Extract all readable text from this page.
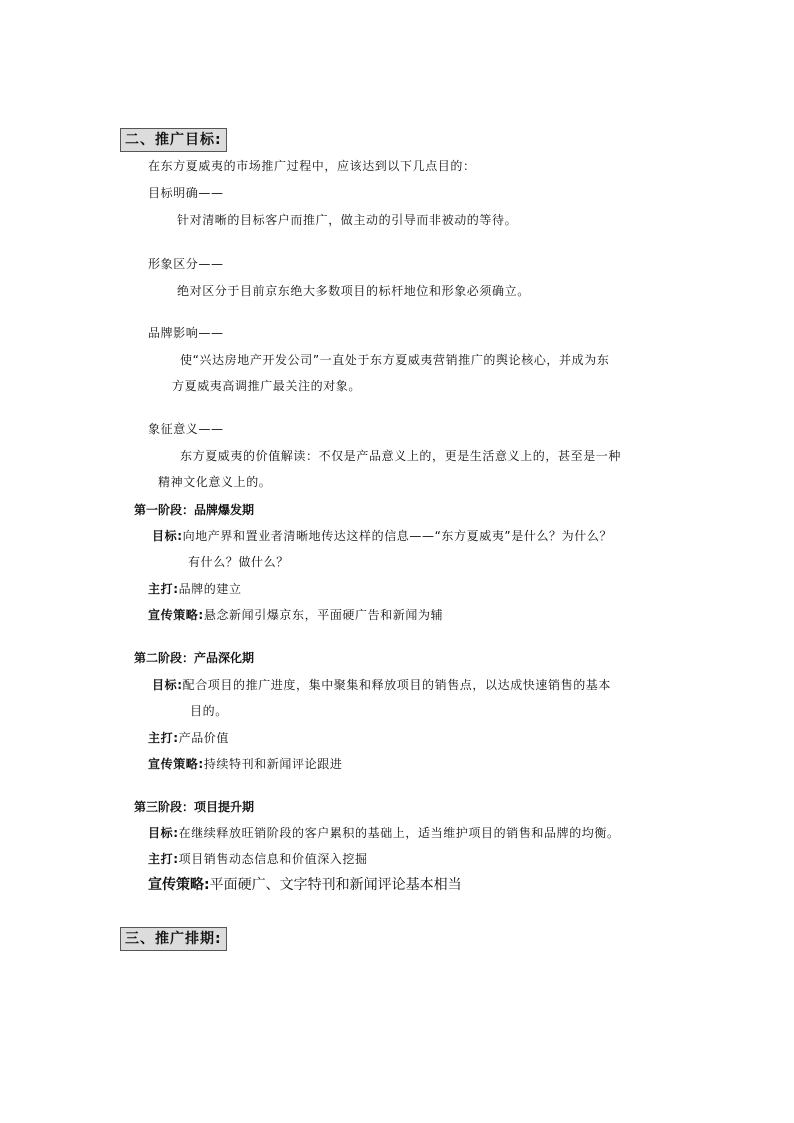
二、推广目标:
在东方夏威夷的市场推广过程中，应该达到以下几点目的：
目标明确——
针对清晰的目标客户而推广，做主动的引导而非被动的等待。
形象区分——
绝对区分于目前京东绝大多数项目的标杆地位和形象必须确立。
品牌影响——
使“兴达房地产开发公司”一直处于东方夏威夷营销推广的舆论核心，并成为东
方夏威夷高调推广最关注的对象。
象征意义——
东方夏威夷的价值解读：不仅是产品意义上的，更是生活意义上的，甚至是一种
精神文化意义上的。
第一阶段：品牌爆发期
目标:向地产界和置业者清晰地传达这样的信息——“东方夏威夷”是什么？为什么？
有什么？做什么？
主打:品牌的建立
宣传策略:悬念新闻引爆京东，平面硬广告和新闻为辅
第二阶段：产品深化期
目标:配合项目的推广进度，集中聚集和释放项目的销售点，以达成快速销售的基本
目的。
主打:产品价值
宣传策略:持续特刊和新闻评论跟进
第三阶段：项目提升期
目标:在继续释放旺销阶段的客户累积的基础上，适当维护项目的销售和品牌的均衡。
主打:项目销售动态信息和价值深入挖掘
宣传策略:平面硬广、文字特刊和新闻评论基本相当
三、推广排期:
